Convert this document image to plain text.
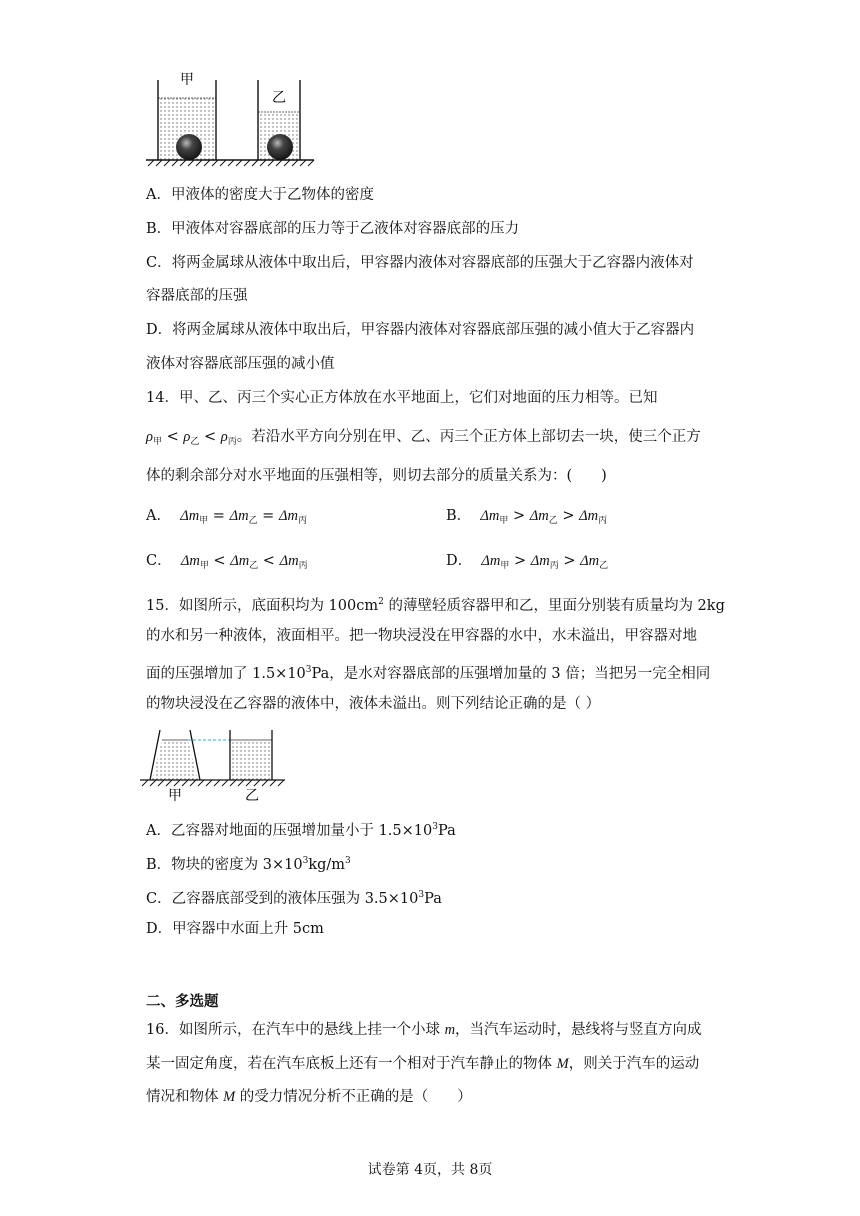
甲
乙
A．甲液体的密度大于乙物体的密度
B．甲液体对容器底部的压力等于乙液体对容器底部的压力
C．将两金属球从液体中取出后，甲容器内液体对容器底部的压强大于乙容器内液体对
容器底部的压强
D．将两金属球从液体中取出后，甲容器内液体对容器底部压强的减小值大于乙容器内
液体对容器底部压强的减小值
14．甲、乙、丙三个实心正方体放在水平地面上，它们对地面的压力相等。已知
$\rho_甲 < \rho_乙 < \rho_丙$。若沿水平方向分别在甲、乙、丙三个正方体上部切去一块，使三个正方
体的剩余部分对水平地面的压强相等，则切去部分的质量关系为：(　　)
A． $\Delta m_甲 = \Delta m_乙 = \Delta m_丙$	B． $\Delta m_甲 > \Delta m_乙 > \Delta m_丙$
C． $\Delta m_甲 < \Delta m_乙 < \Delta m_丙$	D． $\Delta m_甲 > \Delta m_丙 > \Delta m_乙$
15．如图所示，底面积均为 $100cm^2$ 的薄壁轻质容器甲和乙，里面分别装有质量均为 2kg
的水和另一种液体，液面相平。把一物块浸没在甲容器的水中，水未溢出，甲容器对地
面的压强增加了 $1.5\times 10^3Pa$，是水对容器底部的压强增加量的 3 倍；当把另一完全相同
的物块浸没在乙容器的液体中，液体未溢出。则下列结论正确的是（ ）
甲	乙
A．乙容器对地面的压强增加量小于 $1.5\times 10^3Pa$
B．物块的密度为 $3\times 10^3kg/m^3$
C．乙容器底部受到的液体压强为 $3.5\times 10^3Pa$
D．甲容器中水面上升 5cm
二、多选题
16．如图所示，在汽车中的悬线上挂一个小球 m，当汽车运动时，悬线将与竖直方向成
某一固定角度，若在汽车底板上还有一个相对于汽车静止的物体 M，则关于汽车的运动
情况和物体 M 的受力情况分析不正确的是（　　）
试卷第 4页，共 8页
